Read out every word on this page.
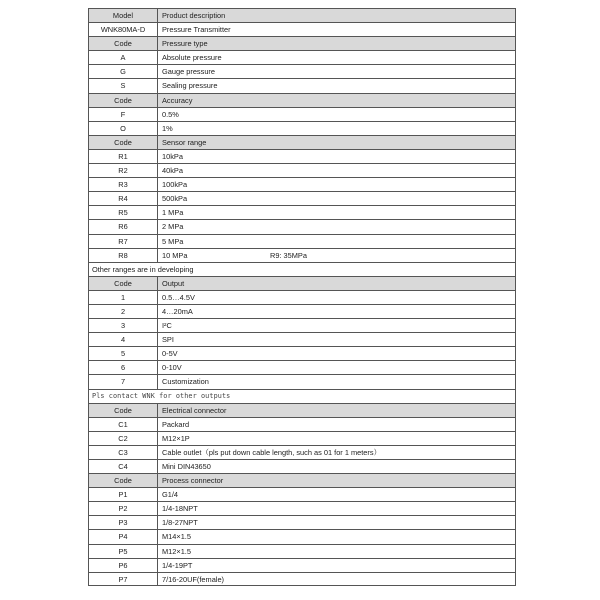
Model	Product description
WNK80MA-D	Pressure Transmitter
Code	Pressure type
A	Absolute pressure
G	Gauge pressure
S	Sealing pressure
Code	Accuracy
F	0.5%
O	1%
Code	Sensor range
R1	10kPa
R2	40kPa
R3	100kPa
R4	500kPa
R5	1 MPa
R6	2 MPa
R7	5 MPa
R8	10 MPa	R9: 35MPa
Other ranges are in developing
Code	Output
1	0.5…4.5V
2	4…20mA
3	I²C
4	SPI
5	0-5V
6	0-10V
7	Customization
Pls contact WNK for other outputs
Code	Electrical connector
C1	Packard
C2	M12×1P
C3	Cable outlet（pls put down cable length, such as 01 for 1 meters）
C4	Mini DIN43650
Code	Process connector
P1	G1/4
P2	1/4-18NPT
P3	1/8-27NPT
P4	M14×1.5
P5	M12×1.5
P6	1/4-19PT
P7	7/16-20UF(female)
